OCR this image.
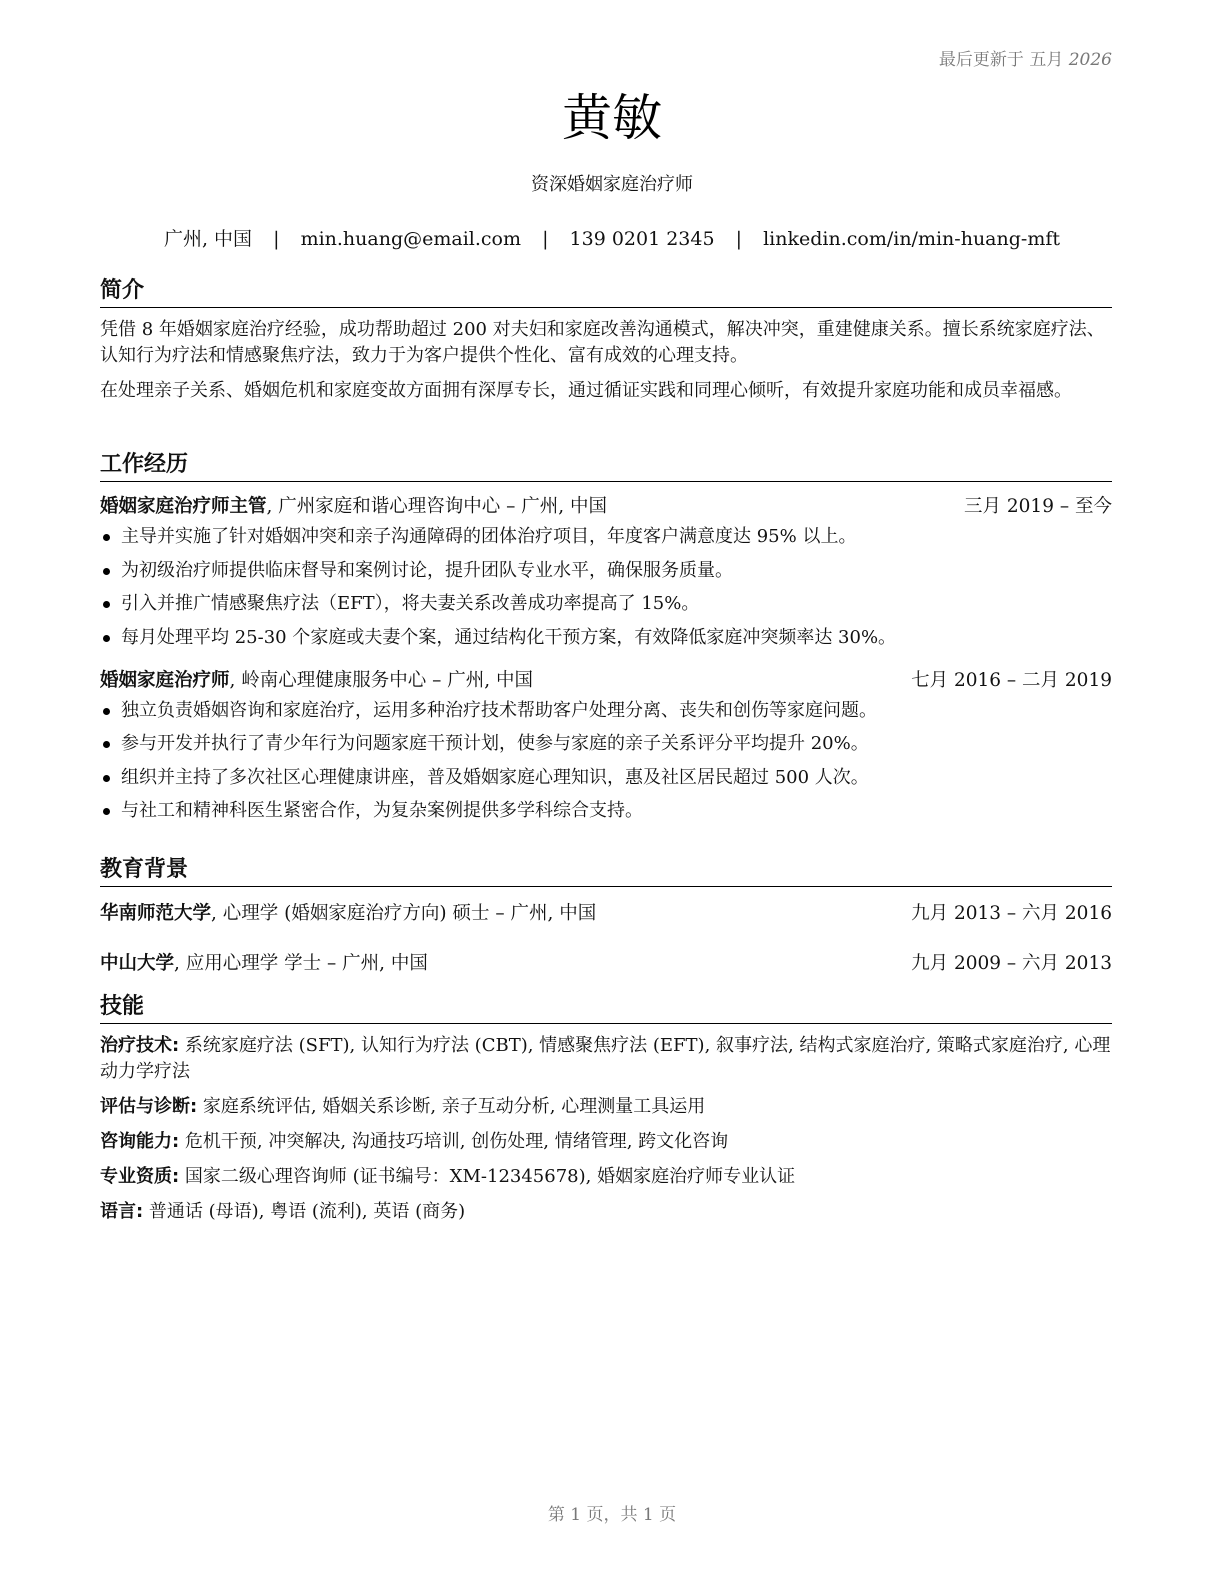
最后更新于 五月 2026
黄敏
资深婚姻家庭治疗师
广州, 中国 | min.huang@email.com | 139 0201 2345 | linkedin.com/in/min-huang-mft
简介
凭借 8 年婚姻家庭治疗经验，成功帮助超过 200 对夫妇和家庭改善沟通模式，解决冲突，重建健康关系。擅长系统家庭疗法、认知行为疗法和情感聚焦疗法，致力于为客户提供个性化、富有成效的心理支持。
在处理亲子关系、婚姻危机和家庭变故方面拥有深厚专长，通过循证实践和同理心倾听，有效提升家庭功能和成员幸福感。
工作经历
婚姻家庭治疗师主管, 广州家庭和谐心理咨询中心 – 广州, 中国	三月 2019 – 至今
主导并实施了针对婚姻冲突和亲子沟通障碍的团体治疗项目，年度客户满意度达 95% 以上。
为初级治疗师提供临床督导和案例讨论，提升团队专业水平，确保服务质量。
引入并推广情感聚焦疗法（EFT），将夫妻关系改善成功率提高了 15%。
每月处理平均 25-30 个家庭或夫妻个案，通过结构化干预方案，有效降低家庭冲突频率达 30%。
婚姻家庭治疗师, 岭南心理健康服务中心 – 广州, 中国	七月 2016 – 二月 2019
独立负责婚姻咨询和家庭治疗，运用多种治疗技术帮助客户处理分离、丧失和创伤等家庭问题。
参与开发并执行了青少年行为问题家庭干预计划，使参与家庭的亲子关系评分平均提升 20%。
组织并主持了多次社区心理健康讲座，普及婚姻家庭心理知识，惠及社区居民超过 500 人次。
与社工和精神科医生紧密合作，为复杂案例提供多学科综合支持。
教育背景
华南师范大学, 心理学 (婚姻家庭治疗方向) 硕士 – 广州, 中国	九月 2013 – 六月 2016
中山大学, 应用心理学 学士 – 广州, 中国	九月 2009 – 六月 2013
技能
治疗技术: 系统家庭疗法 (SFT), 认知行为疗法 (CBT), 情感聚焦疗法 (EFT), 叙事疗法, 结构式家庭治疗, 策略式家庭治疗, 心理动力学疗法
评估与诊断: 家庭系统评估, 婚姻关系诊断, 亲子互动分析, 心理测量工具运用
咨询能力: 危机干预, 冲突解决, 沟通技巧培训, 创伤处理, 情绪管理, 跨文化咨询
专业资质: 国家二级心理咨询师 (证书编号：XM-12345678), 婚姻家庭治疗师专业认证
语言: 普通话 (母语), 粤语 (流利), 英语 (商务)
第 1 页，共 1 页
